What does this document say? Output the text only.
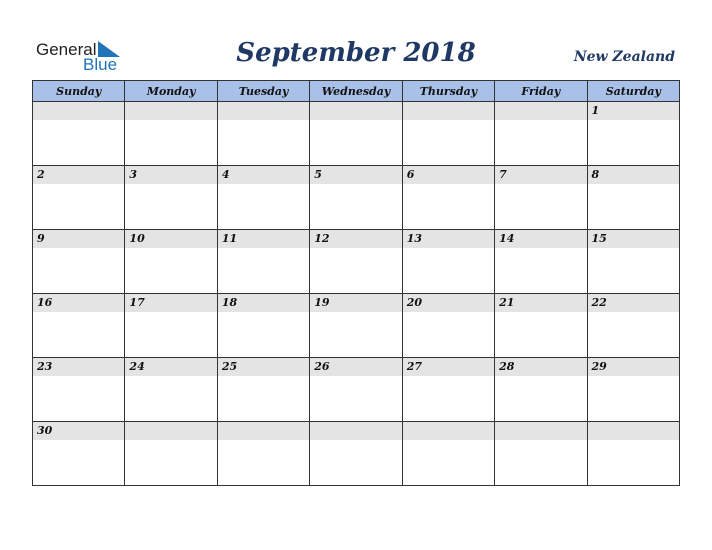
General
Blue	September 2018	New Zealand
Sunday	Monday	Tuesday	Wednesday	Thursday	Friday	Saturday

						1

2	3	4	5	6	7	8

9	10	11	12	13	14	15

16	17	18	19	20	21	22

23	24	25	26	27	28	29

30						
